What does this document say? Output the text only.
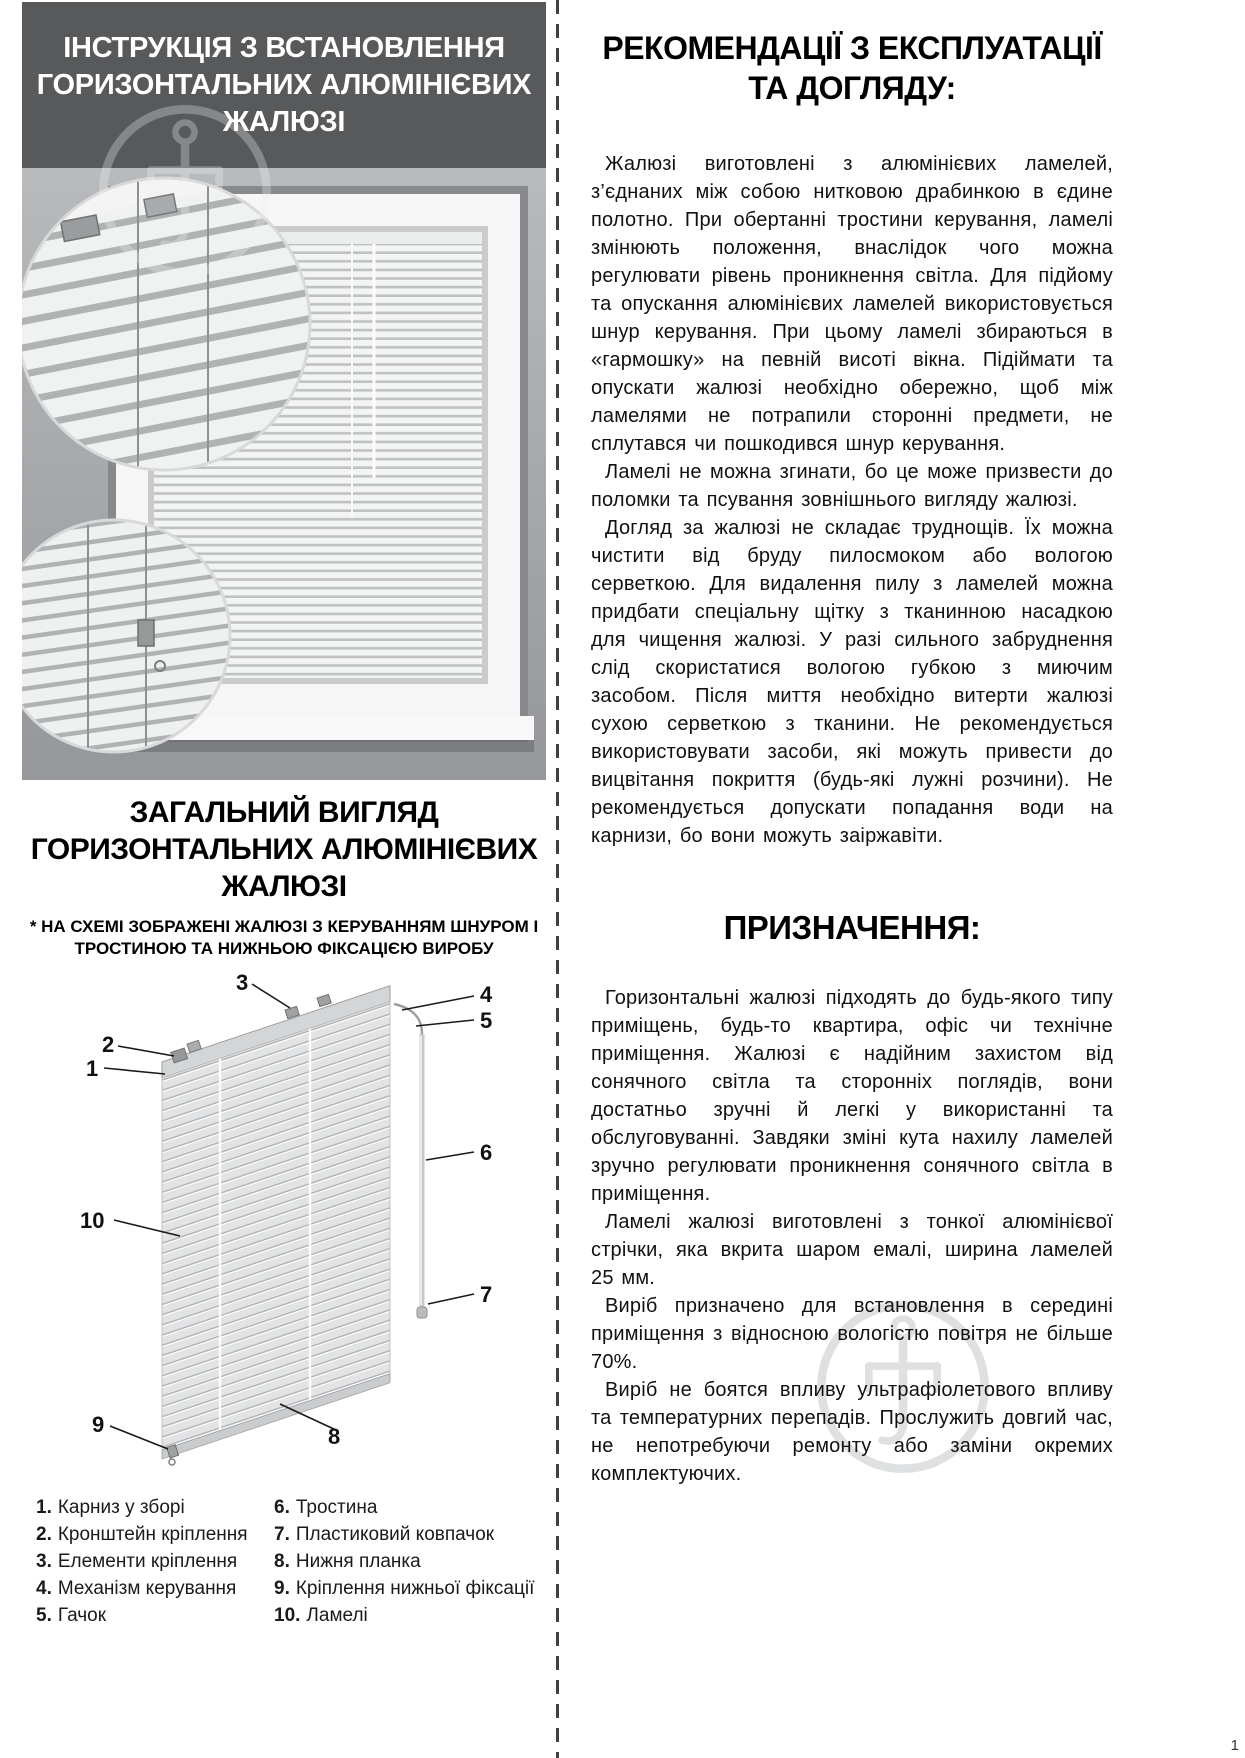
ІНСТРУКЦІЯ З ВСТАНОВЛЕННЯ
ГОРИЗОНТАЛЬНИХ АЛЮМІНІЄВИХ
ЖАЛЮЗІ
ЗАГАЛЬНИЙ ВИГЛЯД
ГОРИЗОНТАЛЬНИХ АЛЮМІНІЄВИХ
ЖАЛЮЗІ
* НА СХЕМІ ЗОБРАЖЕНІ ЖАЛЮЗІ З КЕРУВАННЯМ ШНУРОМ І
ТРОСТИНОЮ ТА НИЖНЬОЮ ФІКСАЦІЄЮ ВИРОБУ
3	4
5
2
1
10
6
7
9	8
1. Карниз у зборі
2. Кронштейн кріплення
3. Елементи кріплення
4. Механізм керування
5. Гачок
6. Тростина
7. Пластиковий ковпачок
8. Нижня планка
9. Кріплення нижньої фіксації
10. Ламелі
РЕКОМЕНДАЦІЇ З ЕКСПЛУАТАЦІЇ
ТА ДОГЛЯДУ:

Жалюзі виготовлені з алюмінієвих ламелей, з’єднаних між собою нитковою драбинкою в єдине полотно. При обертанні тростини керування, ламелі змінюють положення, внаслідок чого можна регулювати рівень проникнення світла. Для підйому та опускання алюмінієвих ламелей використовується шнур керування. При цьому ламелі збираються в «гармошку» на певній висоті вікна. Підіймати та опускати жалюзі необхідно обережно, щоб між ламелями не потрапили сторонні предмети, не сплутався чи пошкодився шнур керування.

Ламелі не можна згинати, бо це може призвести до поломки та псування зовнішнього вигляду жалюзі.

Догляд за жалюзі не складає труднощів. Їх можна чистити від бруду пилосмоком або вологою серветкою. Для видалення пилу з ламелей можна придбати спеціальну щітку з тканинною насадкою для чищення жалюзі. У разі сильного забруднення слід скористатися вологою губкою з миючим засобом. Після миття необхідно витерти жалюзі сухою серветкою з тканини. Не рекомендується використовувати засоби, які можуть привести до вицвітання покриття (будь-які лужні розчини). Не рекомендується допускати попадання води на карнизи, бо вони можуть заіржавіти.

ПРИЗНАЧЕННЯ:

Горизонтальні жалюзі підходять до будь-якого типу приміщень, будь-то квартира, офіс чи технічне приміщення. Жалюзі є надійним захистом від сонячного світла та сторонніх поглядів, вони достатньо зручні й легкі у використанні та обслуговуванні. Завдяки зміні кута нахилу ламелей зручно регулювати проникнення сонячного світла в приміщення.

Ламелі жалюзі виготовлені з тонкої алюмінієвої стрічки, яка вкрита шаром емалі, ширина ламелей 25 мм.

Виріб призначено для встановлення в середині приміщення з відносною вологістю повітря не більше 70%.

Виріб не боятся впливу ультрафіолетового впливу та температурних перепадів. Прослужить довгий час, не непотребуючи ремонту або заміни окремих комплектуючих.

1
